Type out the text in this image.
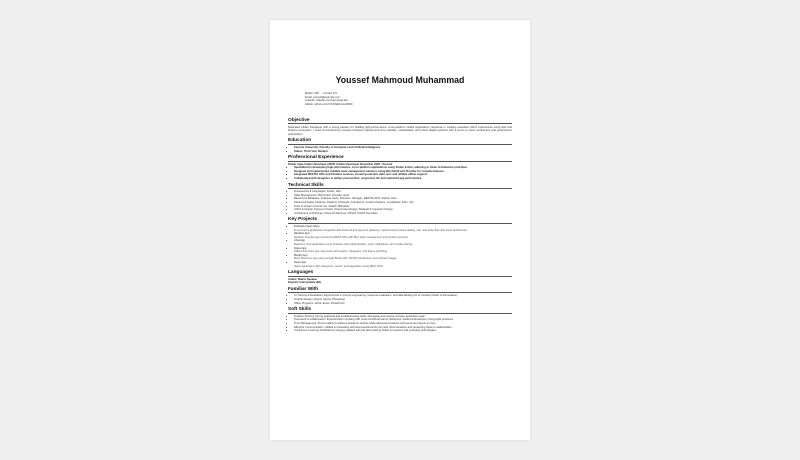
Youssef Mahmoud Muhammad
Mobile / WP: ... Contact Info
Email: youssef@example.com
LinkedIn: linkedin.com/in/youssef-dev
GitHub: github.com/YOUSSEF-ALADDIN
Objective
Dedicated Flutter Developer with a strong passion for building high-performance, cross-platform mobile applications. Expertise in creating seamless UI/UX experiences using Dart and Flutter's ecosystem. I excel at transforming complex business requirements into scalable, maintainable, and robust digital solutions with a focus on clean architecture and performance optimization.
Education
• Fayoum University | Faculty of Computers and Artificial Intelligence
• Status: Third Year Student
Professional Experience
Flutter Apps Flutter Developer (2023) | Flutter Developer November 2023 - Present
• Specialized in developing high-performance, cross-platform applications using Flutter & Dart, adhering to Clean Architecture principles.
• Designed and implemented scalable state management solutions using Bloc/Cubit and Provider for complex features.
• Integrated RESTful APIs and Firebase services, ensuring real-time data sync and reliable offline support.
• Collaborated with designers to deliver pixel-perfect, responsive UIs and optimized app performance.
Technical Skills
• Frameworks & Languages: Flutter, Dart
• State Management: Bloc/Cubit, Provider, GetX
• Backend & Database: Firebase (Auth, Firestore, Storage), RESTful APIs, SQLite, Hive
• Advanced Flutter Features: Platform Channels, Animations, Custom Painters, Localization (l10n, intl)
• Tools & Version Control: Git, GitHub, Bitbucket
• UI/UX & Design: Figma to Flutter, Responsive Design, Material & Cupertino Design
• Architecture & Practices: Clean Architecture, MVVM, SOLID Principles
Key Projects
• Fullstack Clean Shop
E-commerce application integrated with backend and payment gateway; implemented product catalog, cart, and order flow with clean architecture.
• Weather App
Weather forecast app consuming REST APIs with Bloc state management and location services.
• Chat App
Real-time chat application using Firebase with authentication, push notifications, and media sharing.
• Notes App
Offline-first notes app using Hive with search, categories, and theme switching.
• Bookly App
Book discovery app using Google Books API, MVVM architecture, and cached images.
• News App
News application with categories, search, and pagination using REST APIs.
Languages
Arabic: Native Speaker
English: Intermediate (B1)
Familiar With
• AI Training & Evaluation: Experienced in prompt engineering, response evaluation, and data labeling for AI models (Outlier & Remotasks).
• Graphic Design: Figma, Canva, Photoshop
• Office Programs: Word, Excel, PowerPoint
Soft Skills
• Problem Solving: Strong analytical and troubleshooting skills, debugging and solving complex application logic.
• Teamwork & Collaboration: Experienced in working with cross-functional teams (designers, backend developers) using Agile practices.
• Time Management: Proven ability to balance academic studies while delivering freelance and personal projects on time.
• Effective Communication: Skilled in translating technical requirements into clear documentation and presenting ideas to stakeholders.
• Continuous Learning: Dedicated to staying updated with the fast-evolving Flutter ecosystem and emerging technologies.
